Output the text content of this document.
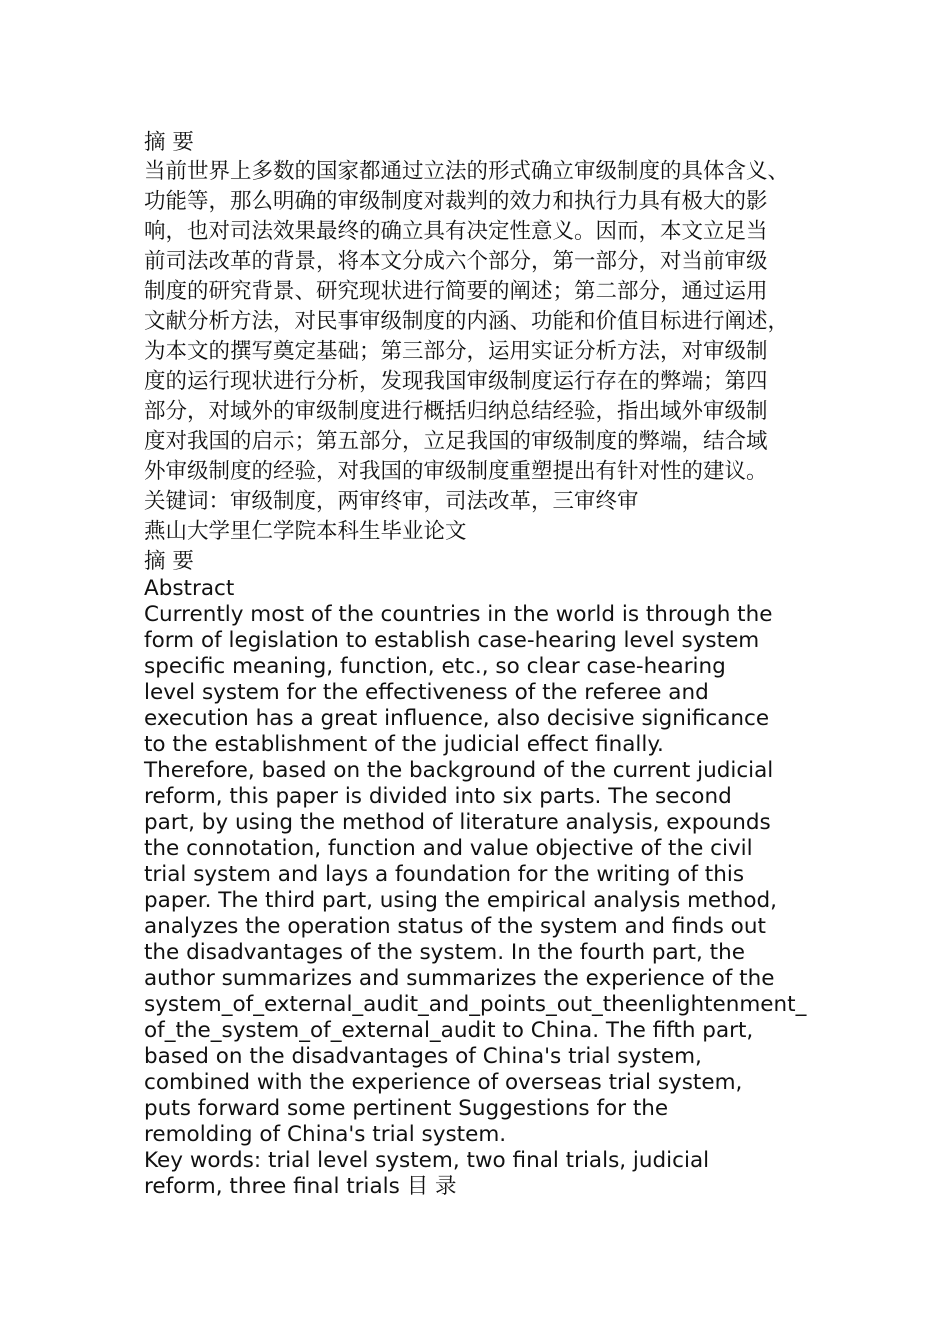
摘 要

当前世界上多数的国家都通过立法的形式确立审级制度的具体含义、
功能等，那么明确的审级制度对裁判的效力和执行力具有极大的影
响，也对司法效果最终的确立具有决定性意义。因而，本文立足当
前司法改革的背景，将本文分成六个部分，第一部分，对当前审级
制度的研究背景、研究现状进行简要的阐述；第二部分，通过运用
文献分析方法，对民事审级制度的内涵、功能和价值目标进行阐述，
为本文的撰写奠定基础；第三部分，运用实证分析方法，对审级制
度的运行现状进行分析，发现我国审级制度运行存在的弊端；第四
部分，对域外的审级制度进行概括归纳总结经验，指出域外审级制
度对我国的启示；第五部分，立足我国的审级制度的弊端，结合域
外审级制度的经验，对我国的审级制度重塑提出有针对性的建议。

关键词：审级制度，两审终审，司法改革，三审终审

燕山大学里仁学院本科生毕业论文

摘 要

Abstract

Currently most of the countries in the world is through the
form of legislation to establish case-hearing level system
specific meaning, function, etc., so clear case-hearing
level system for the effectiveness of the referee and
execution has a great influence, also decisive significance
to the establishment of the judicial effect finally.
Therefore, based on the background of the current judicial
reform, this paper is divided into six parts. The second
part, by using the method of literature analysis, expounds
the connotation, function and value objective of the civil
trial system and lays a foundation for the writing of this
paper. The third part, using the empirical analysis method,
analyzes the operation status of the system and finds out
the disadvantages of the system. In the fourth part, the
author summarizes and summarizes the experience of the
system_of_external_audit_and_points_out_theenlightenment_
of_the_system_of_external_audit to China. The fifth part,
based on the disadvantages of China's trial system,
combined with the experience of overseas trial system,
puts forward some pertinent Suggestions for the
remolding of China's trial system.

Key words: trial level system, two final trials, judicial

reform, three final trials 目 录
